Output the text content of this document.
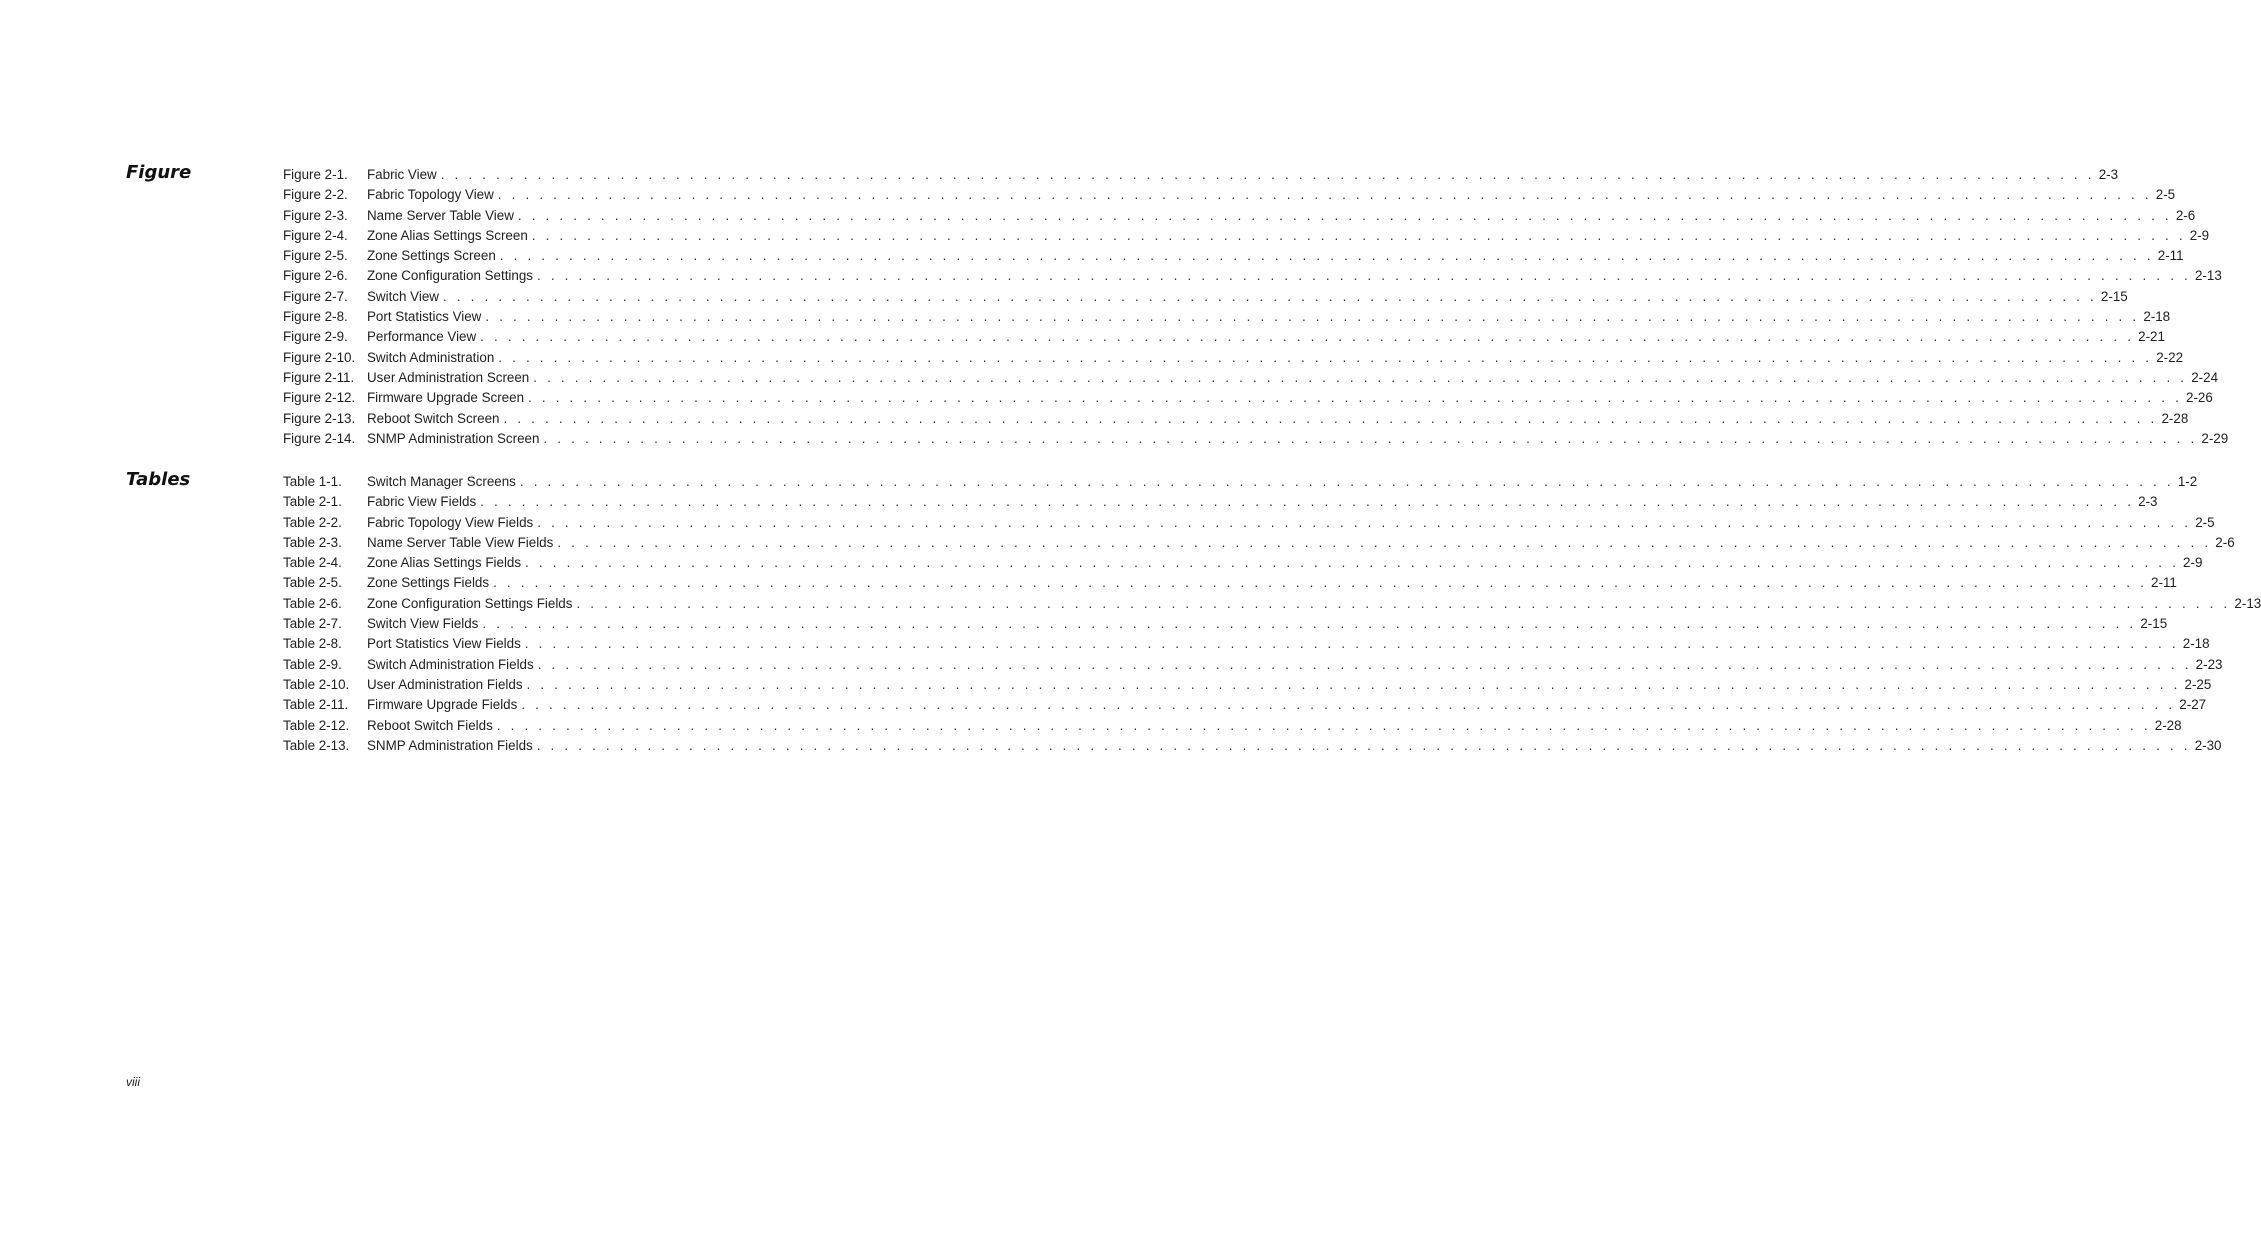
Figure	Figure 2-1. Fabric View . . . . . . . . . . . . . . . . . . . . . . . . . . . . . . . . . . . . . . . . . . . . . . . . . . . . . . . . . . . . . . . . . . . . . . . . . . . . . . . . . . . . . . . . . . . . . . . . . . . . . . . . . . . . . . . . . . . . . . . . 2-3
Figure 2-2. Fabric Topology View . . . . . . . . . . . . . . . . . . . . . . . . . . . . . . . . . . . . . . . . . . . . . . . . . . . . . . . . . . . . . . . . . . . . . . . . . . . . . . . . . . . . . . . . . . . . . . . . . . . . . . . . . . . . . . . . . . . . . . . . 2-5
Figure 2-3. Name Server Table View . . . . . . . . . . . . . . . . . . . . . . . . . . . . . . . . . . . . . . . . . . . . . . . . . . . . . . . . . . . . . . . . . . . . . . . . . . . . . . . . . . . . . . . . . . . . . . . . . . . . . . . . . . . . . . . . . . . . . . . . 2-6
Figure 2-4. Zone Alias Settings Screen . . . . . . . . . . . . . . . . . . . . . . . . . . . . . . . . . . . . . . . . . . . . . . . . . . . . . . . . . . . . . . . . . . . . . . . . . . . . . . . . . . . . . . . . . . . . . . . . . . . . . . . . . . . . . . . . . . . . . . . . 2-9
Figure 2-5. Zone Settings Screen . . . . . . . . . . . . . . . . . . . . . . . . . . . . . . . . . . . . . . . . . . . . . . . . . . . . . . . . . . . . . . . . . . . . . . . . . . . . . . . . . . . . . . . . . . . . . . . . . . . . . . . . . . . . . . . . . . . . . . . . 2-11
Figure 2-6. Zone Configuration Settings . . . . . . . . . . . . . . . . . . . . . . . . . . . . . . . . . . . . . . . . . . . . . . . . . . . . . . . . . . . . . . . . . . . . . . . . . . . . . . . . . . . . . . . . . . . . . . . . . . . . . . . . . . . . . . . . . . . . . . . . 2-13
Figure 2-7. Switch View . . . . . . . . . . . . . . . . . . . . . . . . . . . . . . . . . . . . . . . . . . . . . . . . . . . . . . . . . . . . . . . . . . . . . . . . . . . . . . . . . . . . . . . . . . . . . . . . . . . . . . . . . . . . . . . . . . . . . . . . 2-15
Figure 2-8. Port Statistics View . . . . . . . . . . . . . . . . . . . . . . . . . . . . . . . . . . . . . . . . . . . . . . . . . . . . . . . . . . . . . . . . . . . . . . . . . . . . . . . . . . . . . . . . . . . . . . . . . . . . . . . . . . . . . . . . . . . . . . . . 2-18
Figure 2-9. Performance View . . . . . . . . . . . . . . . . . . . . . . . . . . . . . . . . . . . . . . . . . . . . . . . . . . . . . . . . . . . . . . . . . . . . . . . . . . . . . . . . . . . . . . . . . . . . . . . . . . . . . . . . . . . . . . . . . . . . . . . . 2-21
Figure 2-10. Switch Administration . . . . . . . . . . . . . . . . . . . . . . . . . . . . . . . . . . . . . . . . . . . . . . . . . . . . . . . . . . . . . . . . . . . . . . . . . . . . . . . . . . . . . . . . . . . . . . . . . . . . . . . . . . . . . . . . . . . . . . . . 2-22
Figure 2-11. User Administration Screen . . . . . . . . . . . . . . . . . . . . . . . . . . . . . . . . . . . . . . . . . . . . . . . . . . . . . . . . . . . . . . . . . . . . . . . . . . . . . . . . . . . . . . . . . . . . . . . . . . . . . . . . . . . . . . . . . . . . . . . . 2-24
Figure 2-12. Firmware Upgrade Screen . . . . . . . . . . . . . . . . . . . . . . . . . . . . . . . . . . . . . . . . . . . . . . . . . . . . . . . . . . . . . . . . . . . . . . . . . . . . . . . . . . . . . . . . . . . . . . . . . . . . . . . . . . . . . . . . . . . . . . . . 2-26
Figure 2-13. Reboot Switch Screen . . . . . . . . . . . . . . . . . . . . . . . . . . . . . . . . . . . . . . . . . . . . . . . . . . . . . . . . . . . . . . . . . . . . . . . . . . . . . . . . . . . . . . . . . . . . . . . . . . . . . . . . . . . . . . . . . . . . . . . . 2-28
Figure 2-14. SNMP Administration Screen . . . . . . . . . . . . . . . . . . . . . . . . . . . . . . . . . . . . . . . . . . . . . . . . . . . . . . . . . . . . . . . . . . . . . . . . . . . . . . . . . . . . . . . . . . . . . . . . . . . . . . . . . . . . . . . . . . . . . . . . 2-29
Tables	Table 1-1. Switch Manager Screens . . . . . . . . . . . . . . . . . . . . . . . . . . . . . . . . . . . . . . . . . . . . . . . . . . . . . . . . . . . . . . . . . . . . . . . . . . . . . . . . . . . . . . . . . . . . . . . . . . . . . . . . . . . . . . . . . . . . . . . . 1-2
Table 2-1. Fabric View Fields . . . . . . . . . . . . . . . . . . . . . . . . . . . . . . . . . . . . . . . . . . . . . . . . . . . . . . . . . . . . . . . . . . . . . . . . . . . . . . . . . . . . . . . . . . . . . . . . . . . . . . . . . . . . . . . . . . . . . . . . 2-3
Table 2-2. Fabric Topology View Fields . . . . . . . . . . . . . . . . . . . . . . . . . . . . . . . . . . . . . . . . . . . . . . . . . . . . . . . . . . . . . . . . . . . . . . . . . . . . . . . . . . . . . . . . . . . . . . . . . . . . . . . . . . . . . . . . . . . . . . . . 2-5
Table 2-3. Name Server Table View Fields . . . . . . . . . . . . . . . . . . . . . . . . . . . . . . . . . . . . . . . . . . . . . . . . . . . . . . . . . . . . . . . . . . . . . . . . . . . . . . . . . . . . . . . . . . . . . . . . . . . . . . . . . . . . . . . . . . . . . . . . 2-6
Table 2-4. Zone Alias Settings Fields . . . . . . . . . . . . . . . . . . . . . . . . . . . . . . . . . . . . . . . . . . . . . . . . . . . . . . . . . . . . . . . . . . . . . . . . . . . . . . . . . . . . . . . . . . . . . . . . . . . . . . . . . . . . . . . . . . . . . . . . 2-9
Table 2-5. Zone Settings Fields . . . . . . . . . . . . . . . . . . . . . . . . . . . . . . . . . . . . . . . . . . . . . . . . . . . . . . . . . . . . . . . . . . . . . . . . . . . . . . . . . . . . . . . . . . . . . . . . . . . . . . . . . . . . . . . . . . . . . . . . 2-11
Table 2-6. Zone Configuration Settings Fields . . . . . . . . . . . . . . . . . . . . . . . . . . . . . . . . . . . . . . . . . . . . . . . . . . . . . . . . . . . . . . . . . . . . . . . . . . . . . . . . . . . . . . . . . . . . . . . . . . . . . . . . . . . . . . . . . . . . . . . . 2-13
Table 2-7. Switch View Fields . . . . . . . . . . . . . . . . . . . . . . . . . . . . . . . . . . . . . . . . . . . . . . . . . . . . . . . . . . . . . . . . . . . . . . . . . . . . . . . . . . . . . . . . . . . . . . . . . . . . . . . . . . . . . . . . . . . . . . . . 2-15
Table 2-8. Port Statistics View Fields . . . . . . . . . . . . . . . . . . . . . . . . . . . . . . . . . . . . . . . . . . . . . . . . . . . . . . . . . . . . . . . . . . . . . . . . . . . . . . . . . . . . . . . . . . . . . . . . . . . . . . . . . . . . . . . . . . . . . . . . 2-18
Table 2-9. Switch Administration Fields . . . . . . . . . . . . . . . . . . . . . . . . . . . . . . . . . . . . . . . . . . . . . . . . . . . . . . . . . . . . . . . . . . . . . . . . . . . . . . . . . . . . . . . . . . . . . . . . . . . . . . . . . . . . . . . . . . . . . . . . 2-23
Table 2-10. User Administration Fields . . . . . . . . . . . . . . . . . . . . . . . . . . . . . . . . . . . . . . . . . . . . . . . . . . . . . . . . . . . . . . . . . . . . . . . . . . . . . . . . . . . . . . . . . . . . . . . . . . . . . . . . . . . . . . . . . . . . . . . . 2-25
Table 2-11. Firmware Upgrade Fields . . . . . . . . . . . . . . . . . . . . . . . . . . . . . . . . . . . . . . . . . . . . . . . . . . . . . . . . . . . . . . . . . . . . . . . . . . . . . . . . . . . . . . . . . . . . . . . . . . . . . . . . . . . . . . . . . . . . . . . . 2-27
Table 2-12. Reboot Switch Fields . . . . . . . . . . . . . . . . . . . . . . . . . . . . . . . . . . . . . . . . . . . . . . . . . . . . . . . . . . . . . . . . . . . . . . . . . . . . . . . . . . . . . . . . . . . . . . . . . . . . . . . . . . . . . . . . . . . . . . . . 2-28
Table 2-13. SNMP Administration Fields . . . . . . . . . . . . . . . . . . . . . . . . . . . . . . . . . . . . . . . . . . . . . . . . . . . . . . . . . . . . . . . . . . . . . . . . . . . . . . . . . . . . . . . . . . . . . . . . . . . . . . . . . . . . . . . . . . . . . . . . 2-30
viii
